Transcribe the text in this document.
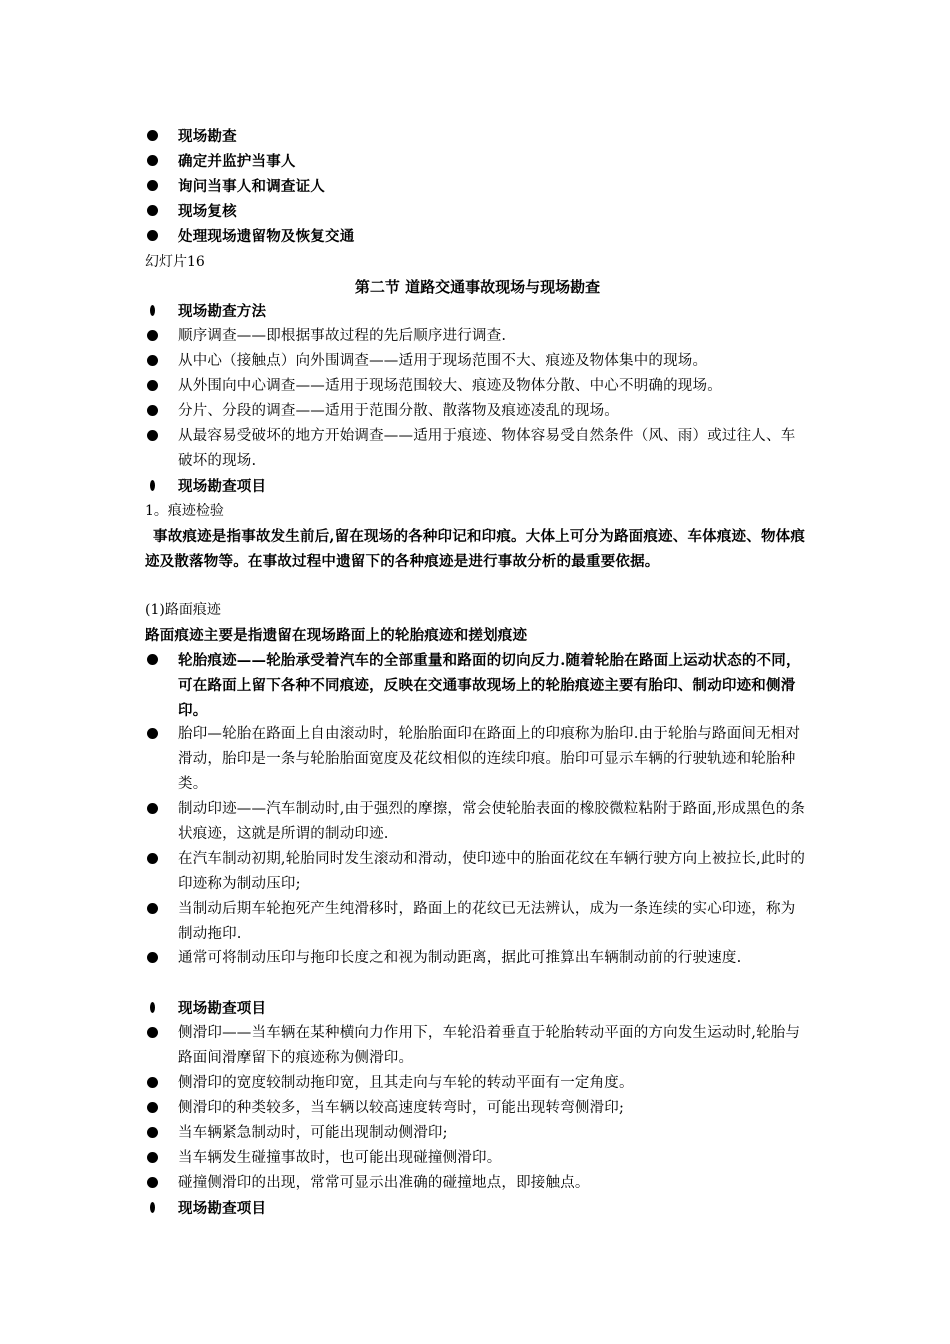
现场勘查
确定并监护当事人
询问当事人和调查证人
现场复核
处理现场遗留物及恢复交通
幻灯片16
第二节 道路交通事故现场与现场勘查
现场勘查方法
顺序调查——即根据事故过程的先后顺序进行调查.
从中心（接触点）向外围调查——适用于现场范围不大、痕迹及物体集中的现场。
从外围向中心调查——适用于现场范围较大、痕迹及物体分散、中心不明确的现场。
分片、分段的调查——适用于范围分散、散落物及痕迹凌乱的现场。
从最容易受破坏的地方开始调查——适用于痕迹、物体容易受自然条件（风、雨）或过往人、车破坏的现场.
现场勘查项目
1。痕迹检验
事故痕迹是指事故发生前后,留在现场的各种印记和印痕。大体上可分为路面痕迹、车体痕迹、物体痕迹及散落物等。在事故过程中遗留下的各种痕迹是进行事故分析的最重要依据。
(1)路面痕迹
路面痕迹主要是指遗留在现场路面上的轮胎痕迹和搓划痕迹
轮胎痕迹——轮胎承受着汽车的全部重量和路面的切向反力.随着轮胎在路面上运动状态的不同，可在路面上留下各种不同痕迹，反映在交通事故现场上的轮胎痕迹主要有胎印、制动印迹和侧滑印。
胎印—轮胎在路面上自由滚动时，轮胎胎面印在路面上的印痕称为胎印.由于轮胎与路面间无相对滑动，胎印是一条与轮胎胎面宽度及花纹相似的连续印痕。胎印可显示车辆的行驶轨迹和轮胎种类。
制动印迹——汽车制动时,由于强烈的摩擦，常会使轮胎表面的橡胶微粒粘附于路面,形成黑色的条状痕迹，这就是所谓的制动印迹.
在汽车制动初期,轮胎同时发生滚动和滑动，使印迹中的胎面花纹在车辆行驶方向上被拉长,此时的印迹称为制动压印;
当制动后期车轮抱死产生纯滑移时，路面上的花纹已无法辨认，成为一条连续的实心印迹，称为制动拖印.
通常可将制动压印与拖印长度之和视为制动距离，据此可推算出车辆制动前的行驶速度.
现场勘查项目
侧滑印——当车辆在某种横向力作用下，车轮沿着垂直于轮胎转动平面的方向发生运动时,轮胎与路面间滑摩留下的痕迹称为侧滑印。
侧滑印的宽度较制动拖印宽，且其走向与车轮的转动平面有一定角度。
侧滑印的种类较多，当车辆以较高速度转弯时，可能出现转弯侧滑印;
当车辆紧急制动时，可能出现制动侧滑印;
当车辆发生碰撞事故时，也可能出现碰撞侧滑印。
碰撞侧滑印的出现，常常可显示出准确的碰撞地点，即接触点。
现场勘查项目
